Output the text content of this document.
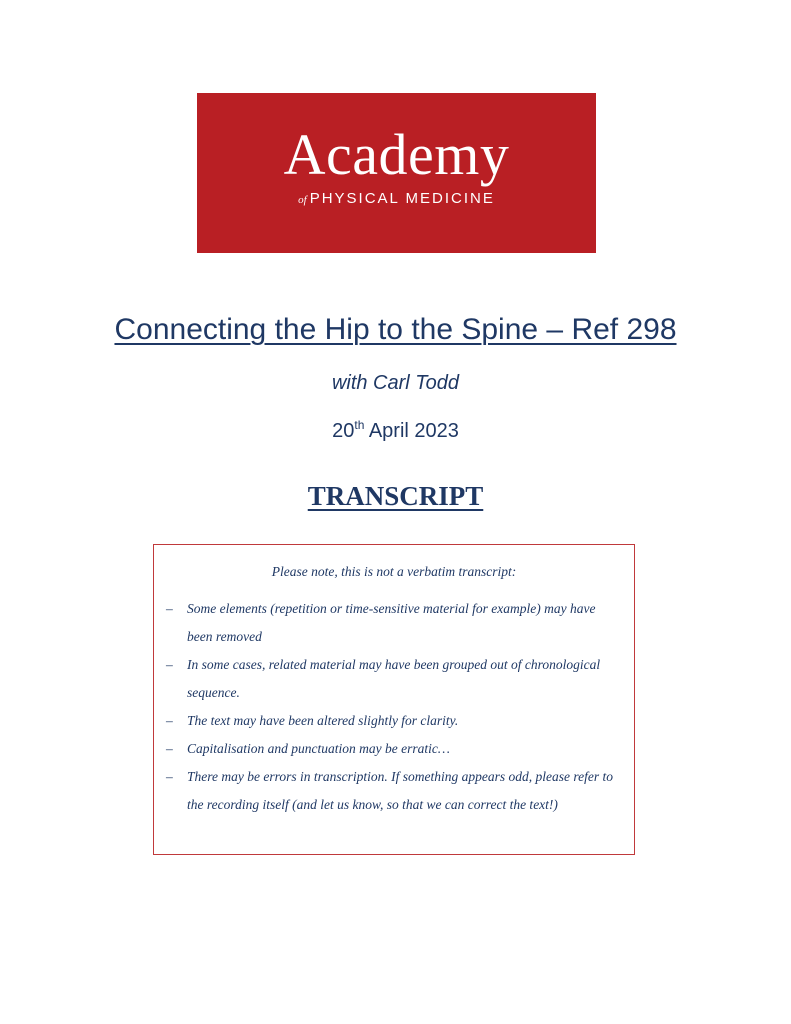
Academy
of PHYSICAL MEDICINE
Connecting the Hip to the Spine – Ref 298
with Carl Todd
20th April 2023
TRANSCRIPT
Please note, this is not a verbatim transcript:
– Some elements (repetition or time-sensitive material for example) may have been removed
– In some cases, related material may have been grouped out of chronological sequence.
– The text may have been altered slightly for clarity.
– Capitalisation and punctuation may be erratic…
– There may be errors in transcription. If something appears odd, please refer to the recording itself (and let us know, so that we can correct the text!)
